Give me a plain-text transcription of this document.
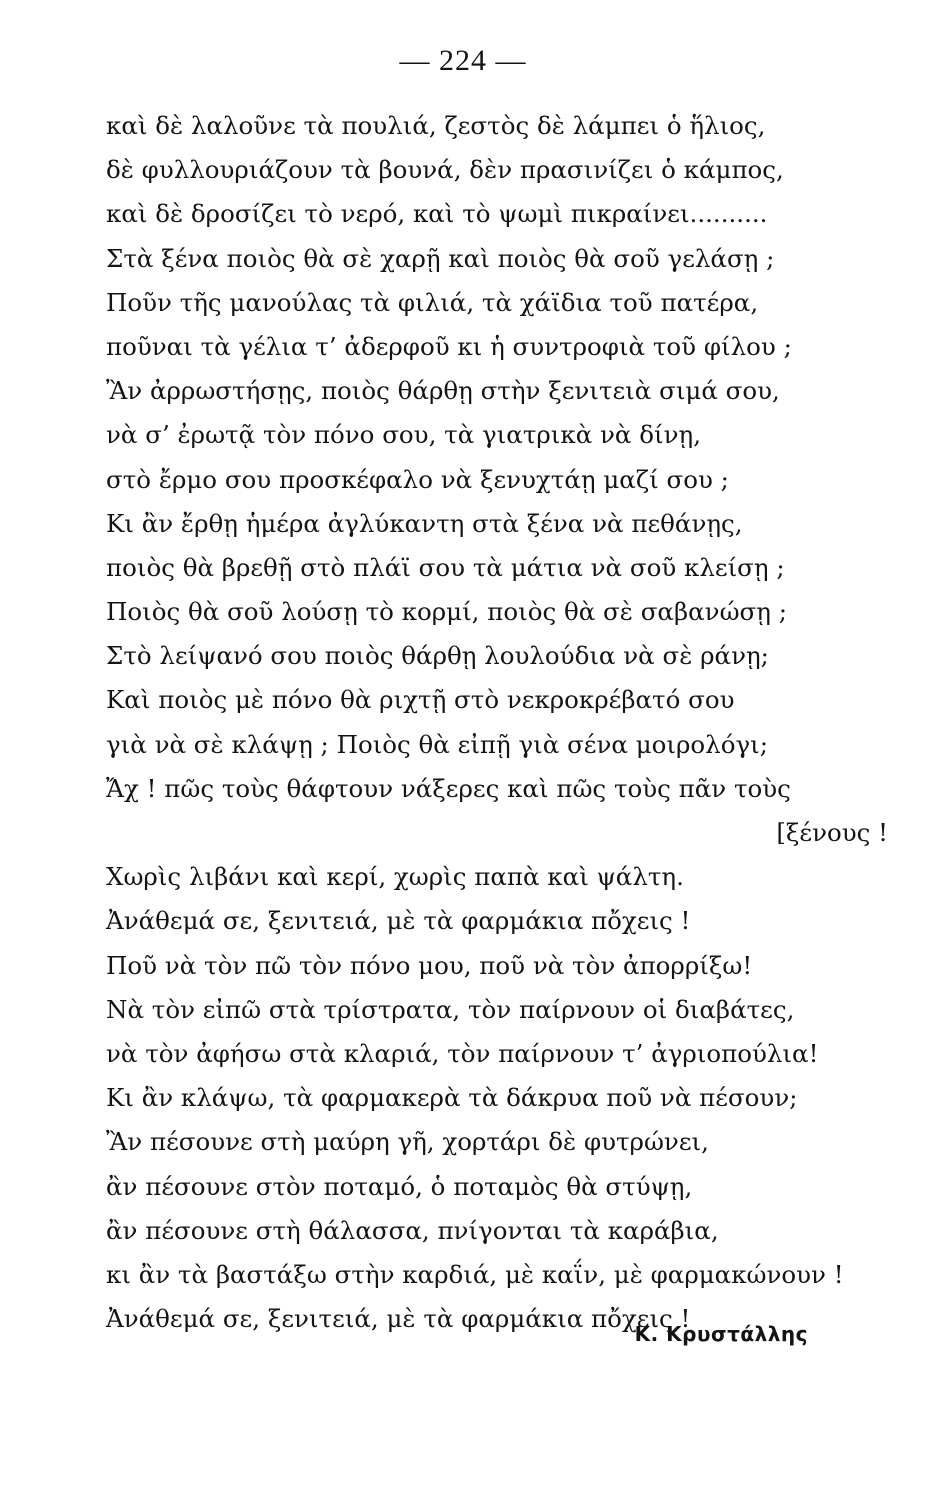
— 224 —
καὶ δὲ λαλοῦνε τὰ πουλιά, ζεστὸς δὲ λάμπει ὁ ἥλιος,
δὲ φυλλουριάζουν τὰ βουνά, δὲν πρασινίζει ὁ κάμπος,
καὶ δὲ δροσίζει τὸ νερό, καὶ τὸ ψωμὶ πικραίνει..........
Στὰ ξένα ποιὸς θὰ σὲ χαρῇ καὶ ποιὸς θὰ σοῦ γελάσῃ ;
Ποῦν τῆς μανούλας τὰ φιλιά, τὰ χάϊδια τοῦ πατέρα,
ποῦναι τὰ γέλια τ’ ἀδερφοῦ κι ἡ συντροφιὰ τοῦ φίλου ;
Ἂν ἀρρωστήσῃς, ποιὸς θάρθῃ στὴν ξενιτειὰ σιμά σου,
νὰ σ’ ἐρωτᾷ τὸν πόνο σου, τὰ γιατρικὰ νὰ δίνῃ,
στὸ ἔρμο σου προσκέφαλο νὰ ξενυχτάῃ μαζί σου ;
Κι ἂν ἔρθῃ ἡμέρα ἀγλύκαντη στὰ ξένα νὰ πεθάνῃς,
ποιὸς θὰ βρεθῇ στὸ πλάϊ σου τὰ μάτια νὰ σοῦ κλείσῃ ;
Ποιὸς θὰ σοῦ λούσῃ τὸ κορμί, ποιὸς θὰ σὲ σαβανώσῃ ;
Στὸ λείψανό σου ποιὸς θάρθῃ λουλούδια νὰ σὲ ράνῃ;
Καὶ ποιὸς μὲ πόνο θὰ ριχτῇ στὸ νεκροκρέβατό σου
γιὰ νὰ σὲ κλάψῃ ; Ποιὸς θὰ εἰπῇ γιὰ σένα μοιρολόγι;
Ἄχ ! πῶς τοὺς θάφτουν νάξερες καὶ πῶς τοὺς πᾶν τοὺς
[ξένους !
Χωρὶς λιβάνι καὶ κερί, χωρὶς παπὰ καὶ ψάλτη.
Ἀνάθεμά σε, ξενιτειά, μὲ τὰ φαρμάκια πὄχεις !
Ποῦ νὰ τὸν πῶ τὸν πόνο μου, ποῦ νὰ τὸν ἀπορρίξω!
Νὰ τὸν εἰπῶ στὰ τρίστρατα, τὸν παίρνουν οἱ διαβάτες,
νὰ τὸν ἀφήσω στὰ κλαριά, τὸν παίρνουν τ’ ἀγριοπούλια!
Κι ἂν κλάψω, τὰ φαρμακερὰ τὰ δάκρυα ποῦ νὰ πέσουν;
Ἂν πέσουνε στὴ μαύρη γῆ, χορτάρι δὲ φυτρώνει,
ἂν πέσουνε στὸν ποταμό, ὁ ποταμὸς θὰ στύψῃ,
ἂν πέσουνε στὴ θάλασσα, πνίγονται τὰ καράβια,
κι ἂν τὰ βαστάξω στὴν καρδιά, μὲ καΐν, μὲ φαρμακώνουν !
Ἀνάθεμά σε, ξενιτειά, μὲ τὰ φαρμάκια πὄχεις !
Κ. Κρυστάλλης
